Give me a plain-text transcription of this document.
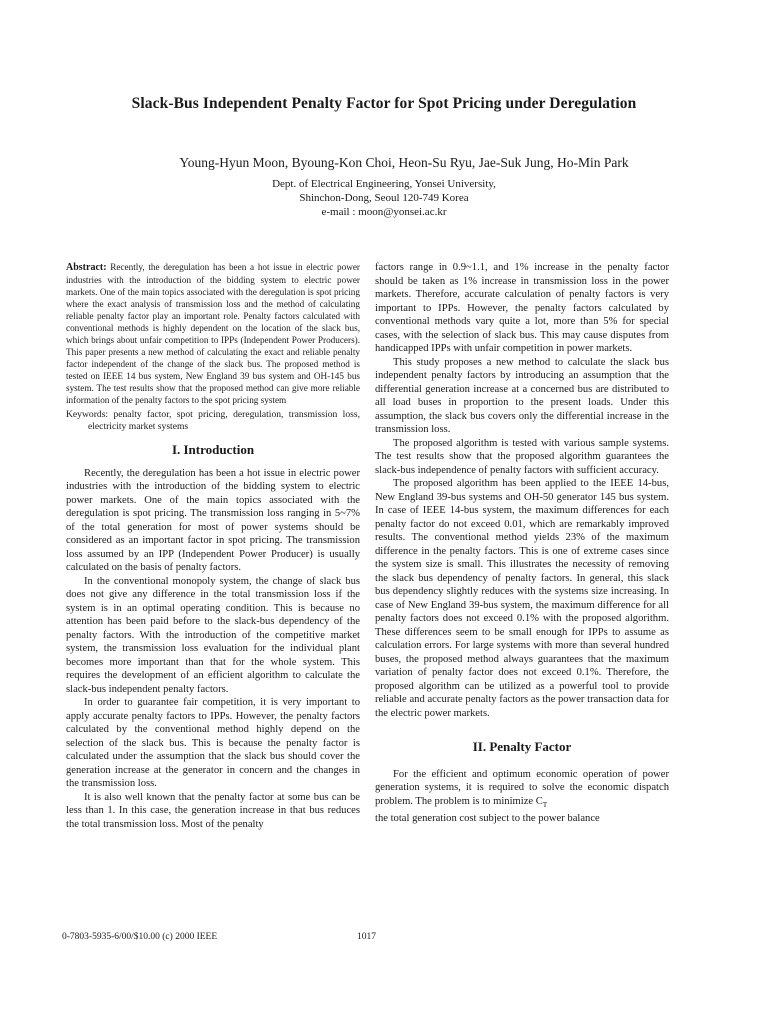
Slack-Bus Independent Penalty Factor for Spot Pricing under Deregulation
Young-Hyun Moon, Byoung-Kon Choi, Heon-Su Ryu, Jae-Suk Jung, Ho-Min Park
Dept. of Electrical Engineering, Yonsei University,
Shinchon-Dong, Seoul 120-749 Korea
e-mail : moon@yonsei.ac.kr

Abstract: Recently, the deregulation has been a hot issue in electric power industries with the introduction of the bidding system to electric power markets. One of the main topics associated with the deregulation is spot pricing where the exact analysis of transmission loss and the method of calculating reliable penalty factor play an important role. Penalty factors calculated with conventional methods is highly dependent on the location of the slack bus, which brings about unfair competition to IPPs (Independent Power Producers). This paper presents a new method of calculating the exact and reliable penalty factor independent of the change of the slack bus. The proposed method is tested on IEEE 14 bus system, New England 39 bus system and OH-145 bus system. The test results show that the proposed method can give more reliable information of the penalty factors to the spot pricing system

Keywords: penalty factor, spot pricing, deregulation, transmission loss, electricity market systems

I. Introduction

Recently, the deregulation has been a hot issue in electric power industries with the introduction of the bidding system to electric power markets. One of the main topics associated with the deregulation is spot pricing. The transmission loss ranging in 5~7% of the total generation for most of power systems should be considered as an important factor in spot pricing. The transmission loss assumed by an IPP (Independent Power Producer) is usually calculated on the basis of penalty factors.

In the conventional monopoly system, the change of slack bus does not give any difference in the total transmission loss if the system is in an optimal operating condition. This is because no attention has been paid before to the slack-bus dependency of the penalty factors. With the introduction of the competitive market system, the transmission loss evaluation for the individual plant becomes more important than that for the whole system. This requires the development of an efficient algorithm to calculate the slack-bus independent penalty factors.

In order to guarantee fair competition, it is very important to apply accurate penalty factors to IPPs. However, the penalty factors calculated by the conventional method highly depend on the selection of the slack bus. This is because the penalty factor is calculated under the assumption that the slack bus should cover the generation increase at the generator in concern and the changes in the transmission loss.

It is also well known that the penalty factor at some bus can be less than 1. In this case, the generation increase in that bus reduces the total transmission loss. Most of the penalty

factors range in 0.9~1.1, and 1% increase in the penalty factor should be taken as 1% increase in transmission loss in the power markets. Therefore, accurate calculation of penalty factors is very important to IPPs. However, the penalty factors calculated by conventional methods vary quite a lot, more than 5% for special cases, with the selection of slack bus. This may cause disputes from handicapped IPPs with unfair competition in power markets.

This study proposes a new method to calculate the slack bus independent penalty factors by introducing an assumption that the differential generation increase at a concerned bus are distributed to all load buses in proportion to the present loads. Under this assumption, the slack bus covers only the differential increase in the transmission loss.

The proposed algorithm is tested with various sample systems. The test results show that the proposed algorithm guarantees the slack-bus independence of penalty factors with sufficient accuracy.

The proposed algorithm has been applied to the IEEE 14-bus, New England 39-bus systems and OH-50 generator 145 bus system. In case of IEEE 14-bus system, the maximum differences for each penalty factor do not exceed 0.01, which are remarkably improved results. The conventional method yields 23% of the maximum difference in the penalty factors. This is one of extreme cases since the system size is small. This illustrates the necessity of removing the slack bus dependency of penalty factors. In general, this slack bus dependency slightly reduces with the systems size increasing. In case of New England 39-bus system, the maximum difference for all penalty factors does not exceed 0.1% with the proposed algorithm. These differences seem to be small enough for IPPs to assume as calculation errors. For large systems with more than several hundred buses, the proposed method always guarantees that the maximum variation of penalty factor does not exceed 0.1%. Therefore, the proposed algorithm can be utilized as a powerful tool to provide reliable and accurate penalty factors as the power transaction data for the electric power markets.

II. Penalty Factor

For the efficient and optimum economic operation of power generation systems, it is required to solve the economic dispatch problem. The problem is to minimize $C_T$
the total generation cost subject to the power balance

0-7803-5935-6/00/$10.00 (c) 2000 IEEE	1017
